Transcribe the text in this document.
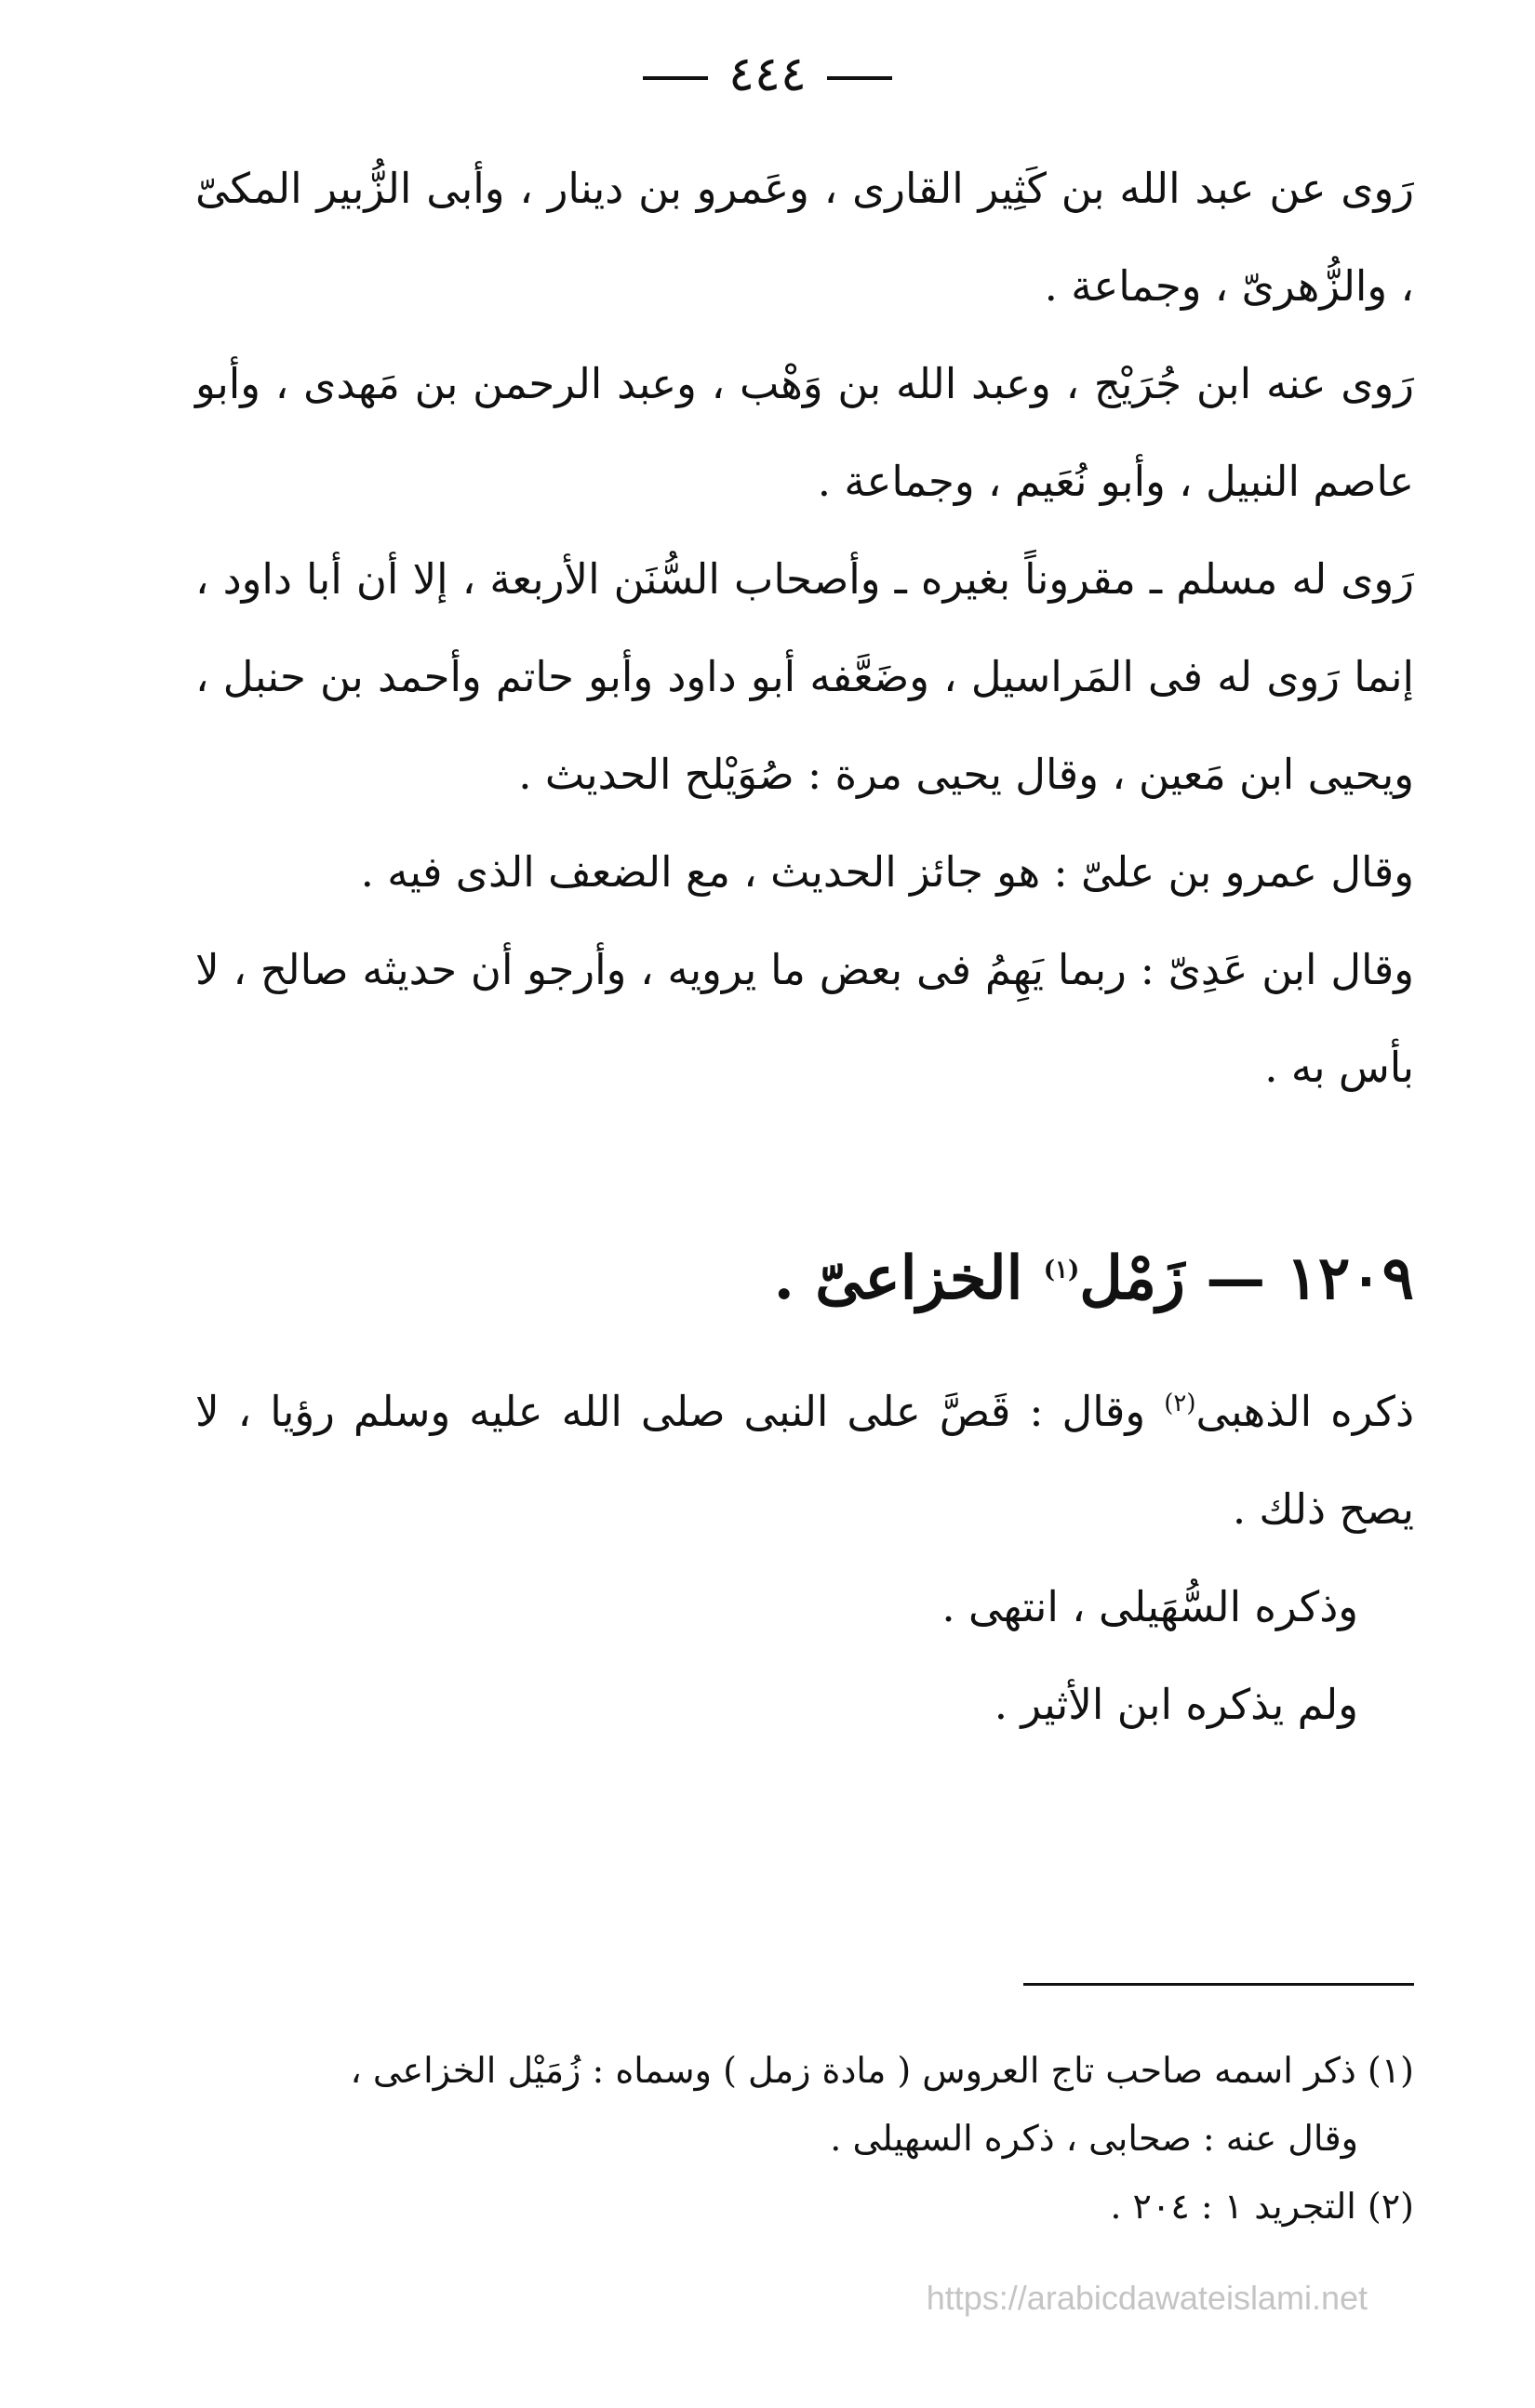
٤٤٤

رَوى عن عبد الله بن كَثِير القارى ، وعَمرو بن دينار ، وأبى الزُّبير المكىّ ، والزُّهرىّ ، وجماعة .

رَوى عنه ابن جُرَيْج ، وعبد الله بن وَهْب ، وعبد الرحمن بن مَهدى ، وأبو عاصم النبيل ، وأبو نُعَيم ، وجماعة .

رَوى له مسلم ـ مقروناً بغيره ـ وأصحاب السُّنَن الأربعة ، إلا أن أبا داود ، إنما رَوى له فى المَراسيل ، وضَعَّفه أبو داود وأبو حاتم وأحمد بن حنبل ، ويحيى ابن مَعين ، وقال يحيى مرة : صُوَيْلح الحديث .

وقال عمرو بن علىّ : هو جائز الحديث ، مع الضعف الذى فيه .

وقال ابن عَدِىّ : ربما يَهِمُ فى بعض ما يرويه ، وأرجو أن حديثه صالح ، لا بأس به .

١٢٠٩ — زَمْل$^{(١)}$ الخزاعىّ .

ذكره الذهبى$^{(٢)}$ وقال : قَصَّ على النبى صلى الله عليه وسلم رؤيا ، لا يصح ذلك .

وذكره السُّهَيلى ، انتهى .

ولم يذكره ابن الأثير .

(١) ذكر اسمه صاحب تاج العروس ( مادة زمل ) وسماه : زُمَيْل الخزاعى ،

وقال عنه : صحابى ، ذكره السهيلى .

(٢) التجريد ١ : ٢٠٤ .

https://arabicdawateislami.net
